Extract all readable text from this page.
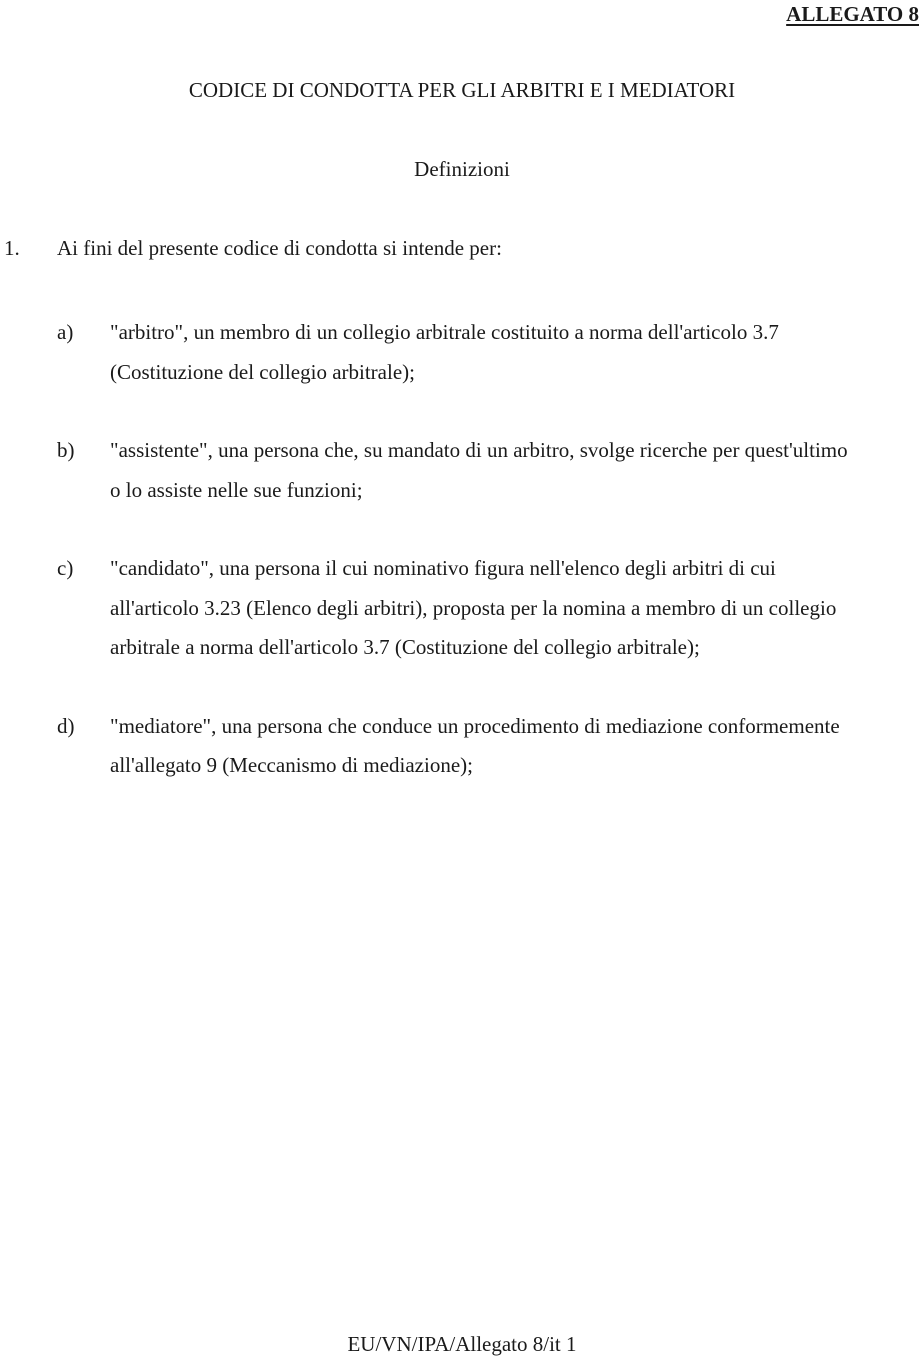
ALLEGATO 8
CODICE DI CONDOTTA PER GLI ARBITRI E I MEDIATORI
Definizioni
1. Ai fini del presente codice di condotta si intende per:
a) "arbitro", un membro di un collegio arbitrale costituito a norma dell'articolo 3.7
(Costituzione del collegio arbitrale);
b) "assistente", una persona che, su mandato di un arbitro, svolge ricerche per quest'ultimo
o lo assiste nelle sue funzioni;
c) "candidato", una persona il cui nominativo figura nell'elenco degli arbitri di cui
all'articolo 3.23 (Elenco degli arbitri), proposta per la nomina a membro di un collegio
arbitrale a norma dell'articolo 3.7 (Costituzione del collegio arbitrale);
d) "mediatore", una persona che conduce un procedimento di mediazione conformemente
all'allegato 9 (Meccanismo di mediazione);
EU/VN/IPA/Allegato 8/it 1
